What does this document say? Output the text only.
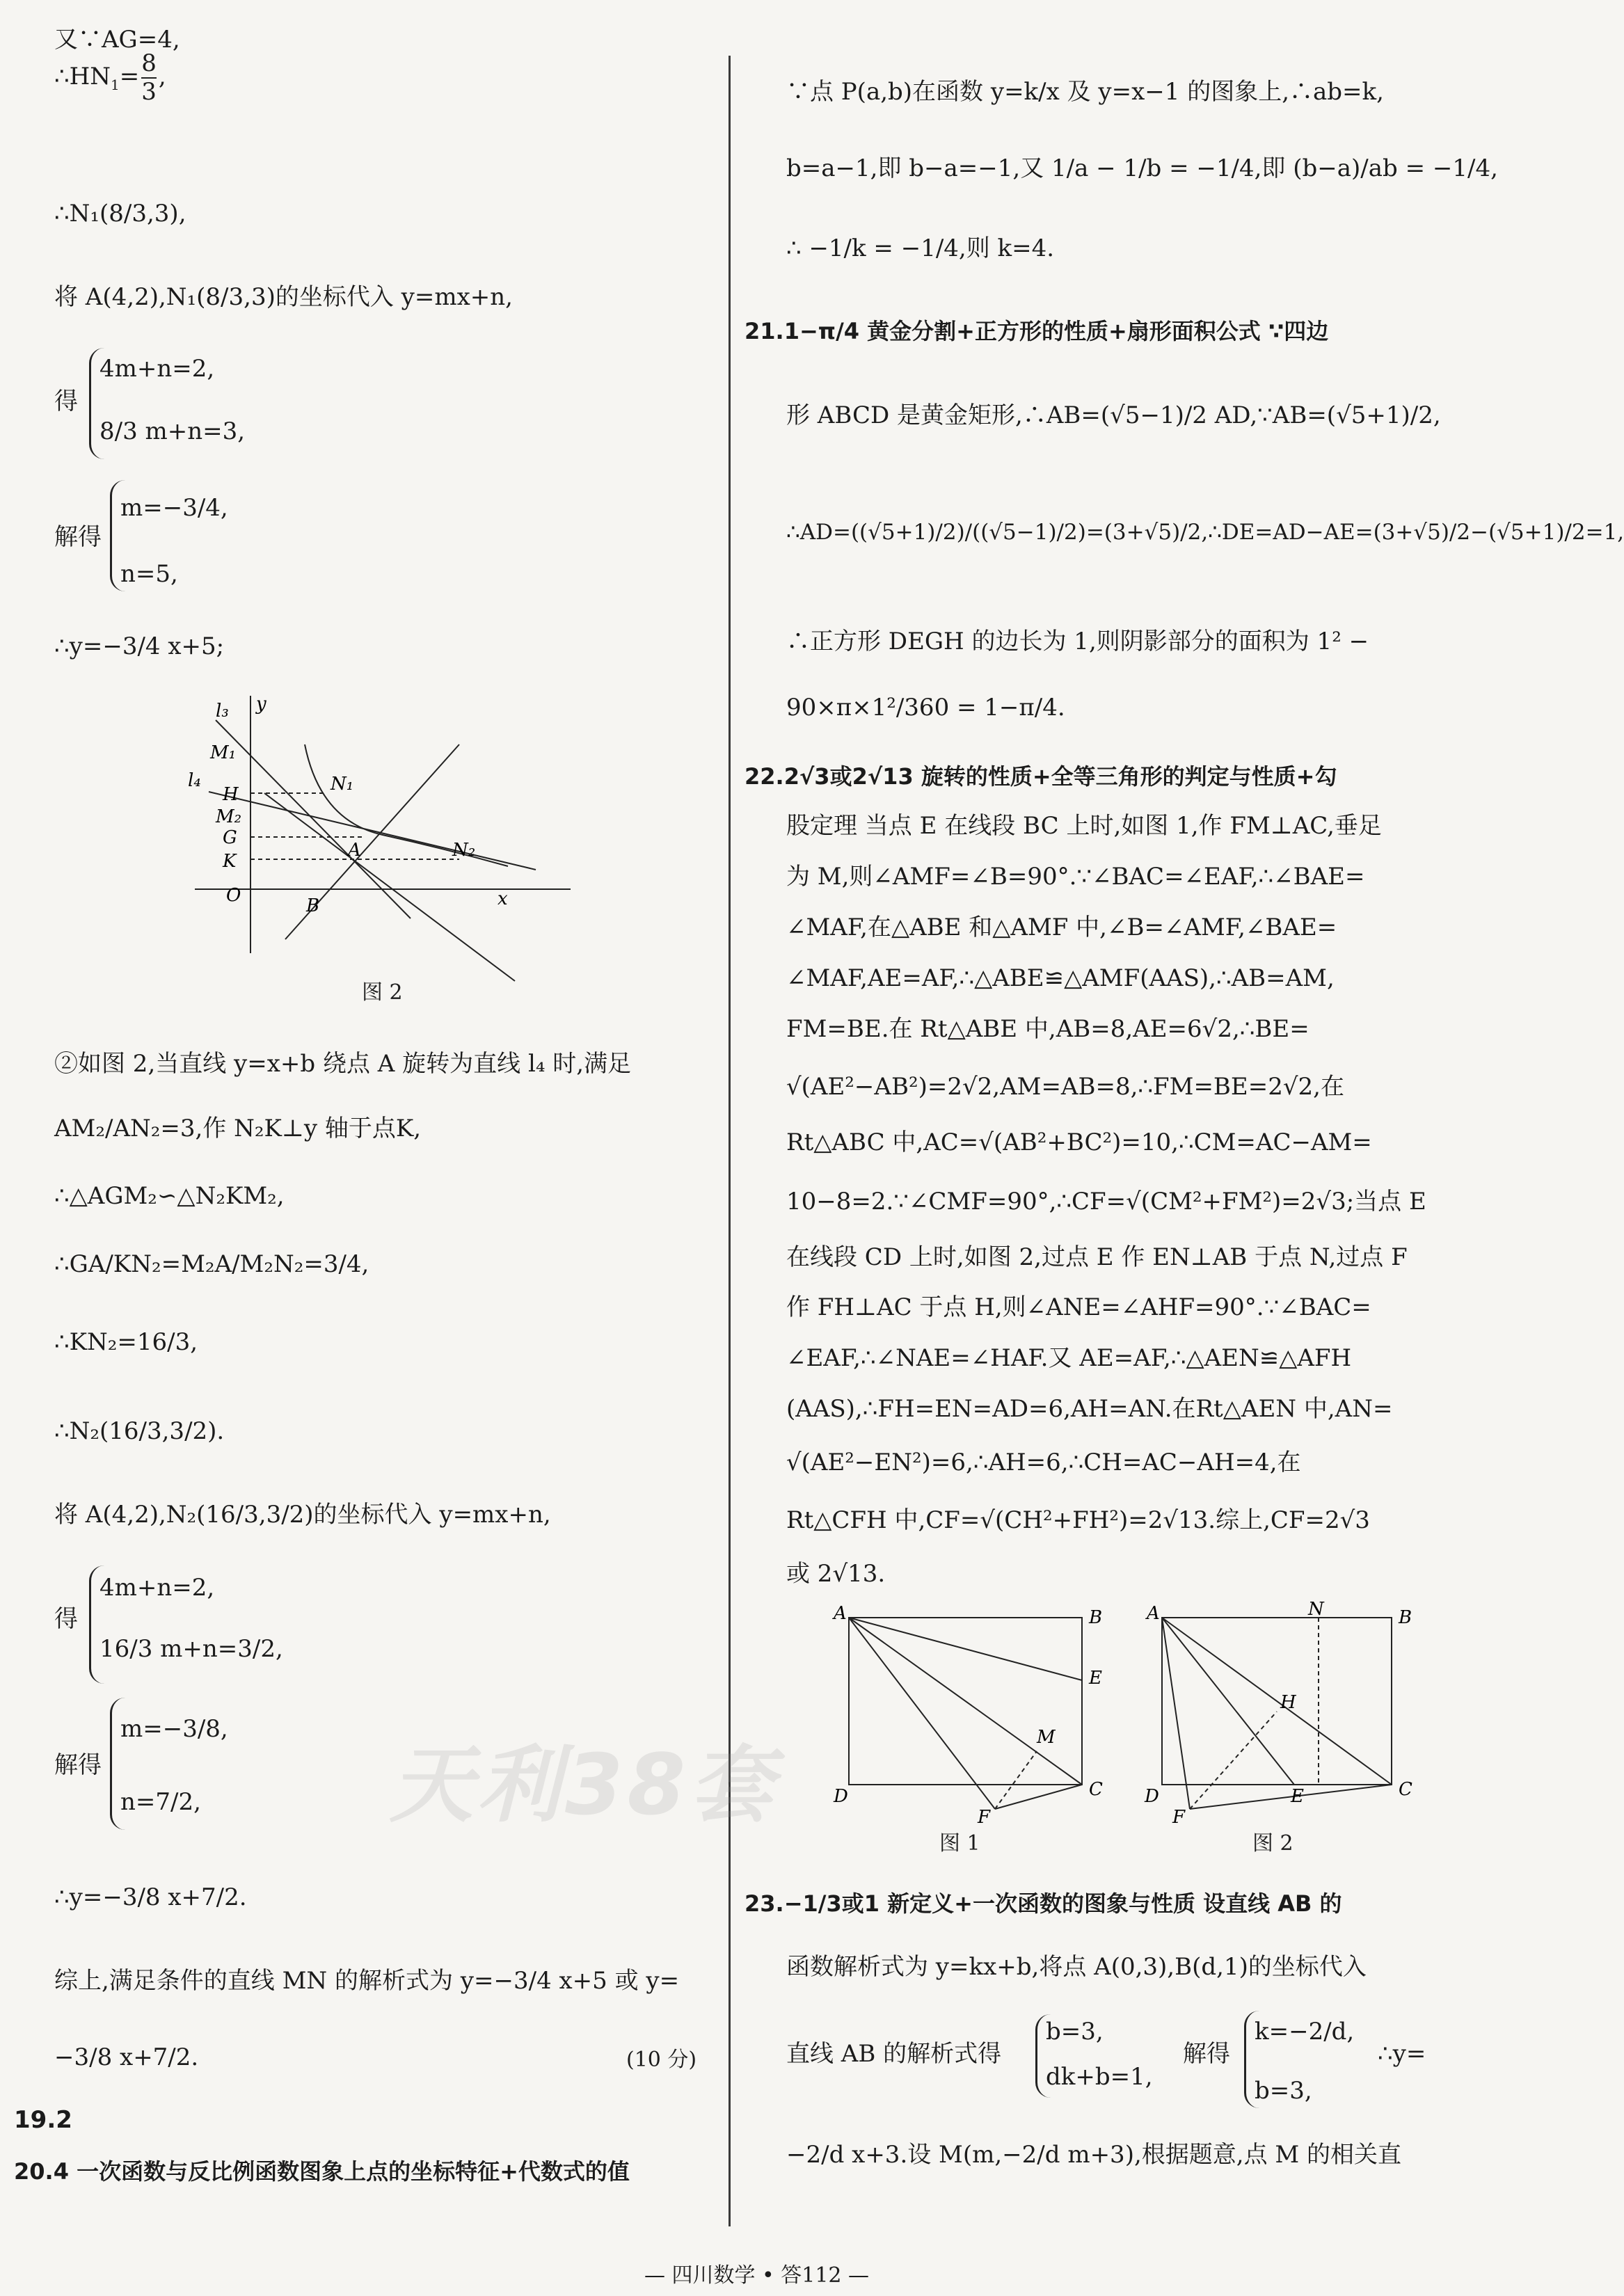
又∵AG=4,
$\therefore HN_1= \frac{8}{3}$ ,
∴N₁(8/3,3),
将 A(4,2),N₁(8/3,3)的坐标代入 y=mx+n,
得
4m+n=2,
8/3 m+n=3,
解得
m=−3/4,
n=5,
∴y=−3/4 x+5;
l₃ y
M₁
l₄
H	N₁
M₂
G
A	N₂
K
O	B	x
图 2
②如图 2,当直线 y=x+b 绕点 A 旋转为直线 l₄ 时,满足
AM₂/AN₂=3,作 N₂K⊥y 轴于点K,
∴△AGM₂∽△N₂KM₂,
∴GA/KN₂=M₂A/M₂N₂=3/4,
∴KN₂=16/3,
∴N₂(16/3,3/2).
将 A(4,2),N₂(16/3,3/2)的坐标代入 y=mx+n,
得
4m+n=2,
16/3 m+n=3/2,
解得
m=−3/8,
n=7/2,
∴y=−3/8 x+7/2.
综上,满足条件的直线 MN 的解析式为 y=−3/4 x+5 或 y=
−3/8 x+7/2.	(10 分)
19.2
20.4 一次函数与反比例函数图象上点的坐标特征+代数式的值
∵点 P(a,b)在函数 y=k/x 及 y=x−1 的图象上,∴ab=k,
b=a−1,即 b−a=−1,又 1/a − 1/b = −1/4,即 (b−a)/ab = −1/4,
∴ −1/k = −1/4,则 k=4.
21.1−π/4 黄金分割+正方形的性质+扇形面积公式 ∵四边
形 ABCD 是黄金矩形,∴AB=(√5−1)/2 AD,∵AB=(√5+1)/2,
∴AD=((√5+1)/2)/((√5−1)/2)=(3+√5)/2,∴DE=AD−AE=(3+√5)/2−(√5+1)/2=1,
∴正方形 DEGH 的边长为 1,则阴影部分的面积为 1² −
90×π×1²/360 = 1−π/4.
22.2√3或2√13 旋转的性质+全等三角形的判定与性质+勾
股定理 当点 E 在线段 BC 上时,如图 1,作 FM⊥AC,垂足
为 M,则∠AMF=∠B=90°.∵∠BAC=∠EAF,∴∠BAE=
∠MAF,在△ABE 和△AMF 中,∠B=∠AMF,∠BAE=
∠MAF,AE=AF,∴△ABE≌△AMF(AAS),∴AB=AM,
FM=BE.在 Rt△ABE 中,AB=8,AE=6√2,∴BE=
√(AE²−AB²)=2√2,AM=AB=8,∴FM=BE=2√2,在
Rt△ABC 中,AC=√(AB²+BC²)=10,∴CM=AC−AM=
10−8=2.∵∠CMF=90°,∴CF=√(CM²+FM²)=2√3;当点 E
在线段 CD 上时,如图 2,过点 E 作 EN⊥AB 于点 N,过点 F
作 FH⊥AC 于点 H,则∠ANE=∠AHF=90°.∵∠BAC=
∠EAF,∴∠NAE=∠HAF.又 AE=AF,∴△AEN≌△AFH
(AAS),∴FH=EN=AD=6,AH=AN.在Rt△AEN 中,AN=
√(AE²−EN²)=6,∴AH=6,∴CH=AC−AH=4,在
Rt△CFH 中,CF=√(CH²+FH²)=2√13.综上,CF=2√3
或 2√13.
A	B
E
M
D	C
F
图 1
A	N	B
H
D	E	C
F
图 2
23.−1/3或1 新定义+一次函数的图象与性质 设直线 AB 的
函数解析式为 y=kx+b,将点 A(0,3),B(d,1)的坐标代入
直线 AB 的解析式得
b=3,
dk+b=1,
解得
k=−2/d,
b=3,
∴y=
−2/d x+3.设 M(m,−2/d m+3),根据题意,点 M 的相关直
天利38套
— 四川数学 • 答112 —
